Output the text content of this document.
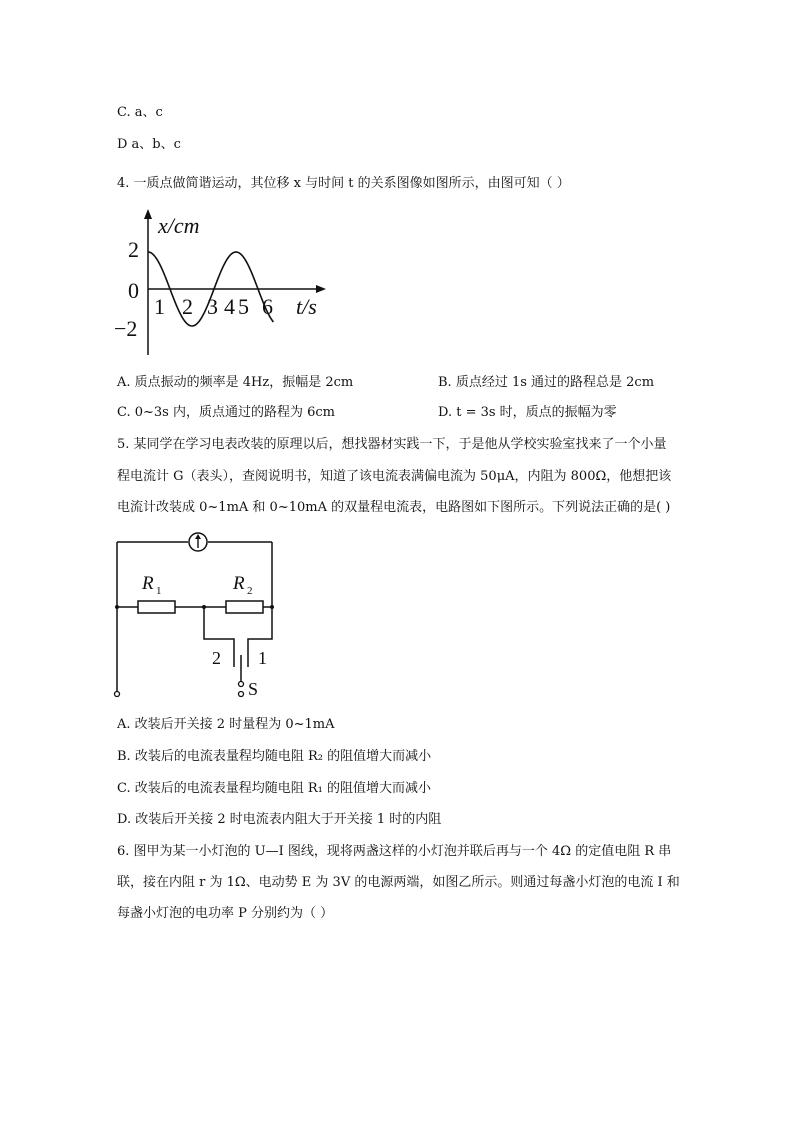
C. a、c
D a、b、c
4. 一质点做简谐运动，其位移 x 与时间 t 的关系图像如图所示，由图可知（ ）
x/cm
t/s
2
0
−2
1 2 3 4 5 6
A. 质点振动的频率是 4Hz，振幅是 2cm	B. 质点经过 1s 通过的路程总是 2cm
C. 0~3s 内，质点通过的路程为 6cm	D. t = 3s 时，质点的振幅为零
5. 某同学在学习电表改装的原理以后，想找器材实践一下，于是他从学校实验室找来了一个小量
程电流计 G（表头），查阅说明书，知道了该电流表满偏电流为 50μA，内阻为 800Ω，他想把该
电流计改装成 0~1mA 和 0~10mA 的双量程电流表，电路图如下图所示。下列说法正确的是( )
R 1	R 2
2 1
S
A. 改装后开关接 2 时量程为 0~1mA
B. 改装后的电流表量程均随电阻 R₂ 的阻值增大而减小
C. 改装后的电流表量程均随电阻 R₁ 的阻值增大而减小
D. 改装后开关接 2 时电流表内阻大于开关接 1 时的内阻
6. 图甲为某一小灯泡的 U—I 图线，现将两盏这样的小灯泡并联后再与一个 4Ω 的定值电阻 R 串
联，接在内阻 r 为 1Ω、电动势 E 为 3V 的电源两端，如图乙所示。则通过每盏小灯泡的电流 I 和
每盏小灯泡的电功率 P 分别约为（ ）
